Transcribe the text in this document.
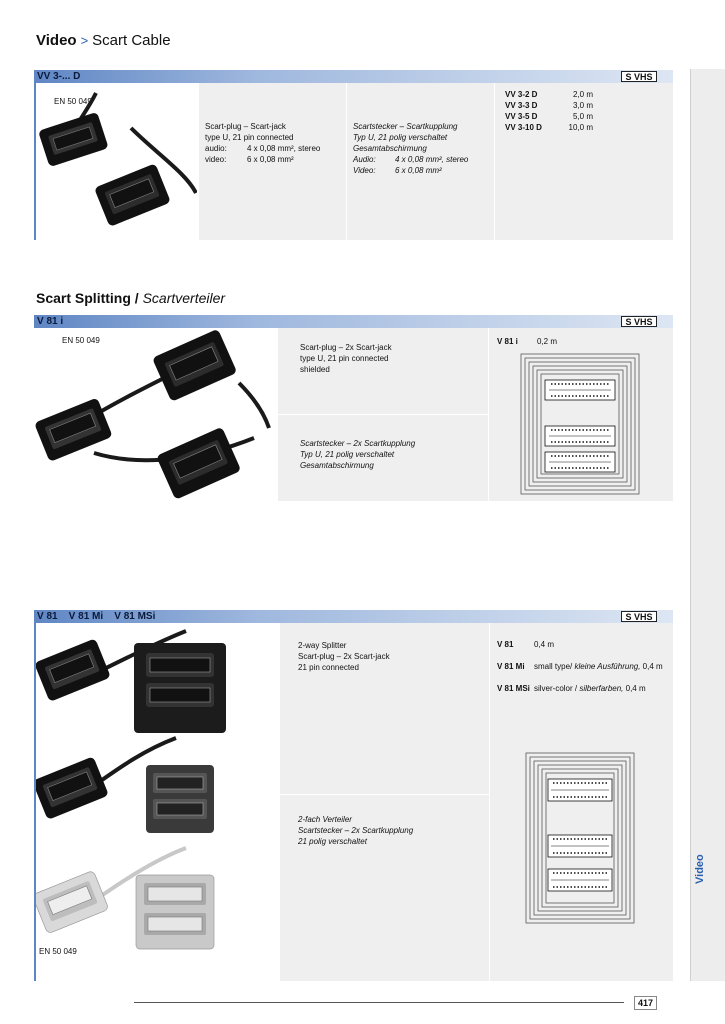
Video > Scart Cable
Video
VV 3-... D	S VHS
EN 50 049
Scart-plug – Scart-jack
type U, 21 pin connected
audio:	4 x 0,08 mm², stereo
video:	6 x 0,08 mm²
Scartstecker – Scartkupplung
Typ U, 21 polig verschaltet
Gesamtabschirmung
Audio:	4 x 0,08 mm², stereo
Video:	6 x 0,08 mm²
VV 3-2 D	2,0 m
VV 3-3 D	3,0 m
VV 3-5 D	5,0 m
VV 3-10 D	10,0 m
Scart Splitting / Scartverteiler
V 81 i	S VHS
EN 50 049
Scart-plug – 2x Scart-jack
type U, 21 pin connected
shielded
Scartstecker – 2x Scartkupplung
Typ U, 21 polig verschaltet
Gesamtabschirmung
V 81 i	0,2 m
V 81    V 81 Mi    V 81 MSi	S VHS
EN 50 049
2-way Splitter
Scart-plug – 2x Scart-jack
21 pin connected
2-fach Verteiler
Scartstecker – 2x Scartkupplung
21 polig verschaltet
V 81	0,4 m
V 81 Mi	small type/ kleine Ausführung, 0,4 m
V 81 MSi silver-color / silberfarben, 0,4 m
417
